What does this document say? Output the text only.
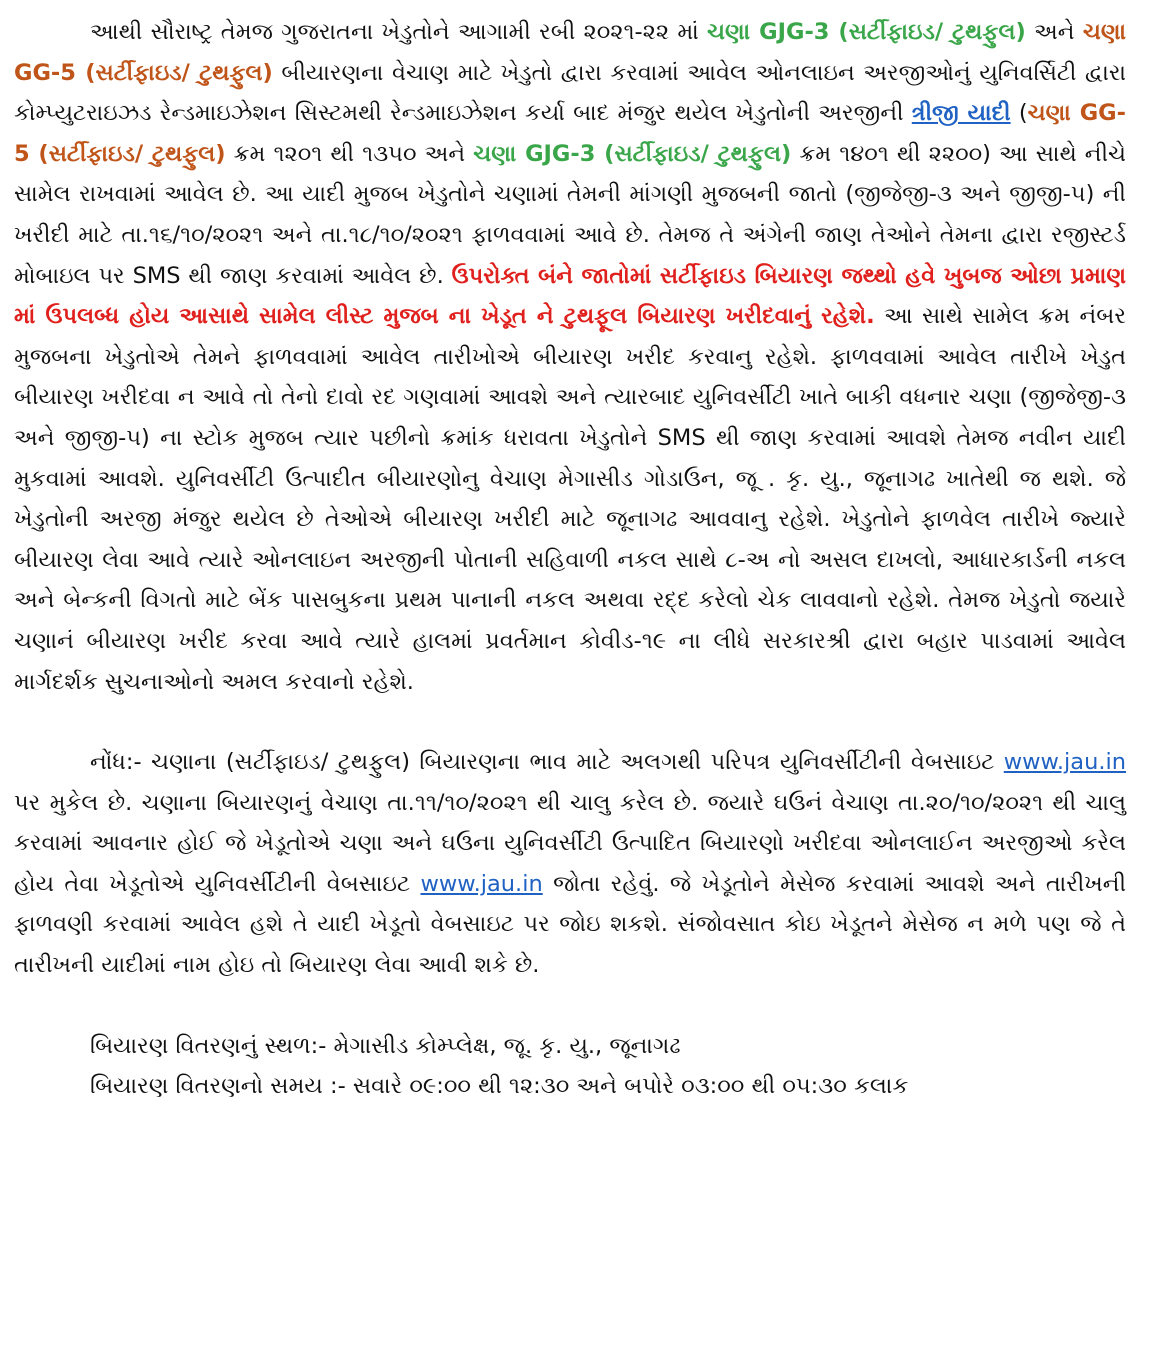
આથી સૌરાષ્ટ્ર તેમજ ગુજરાતના ખેડુતોને આગામી રબી ૨૦૨૧-૨૨ માં ચણા GJG-3 (સર્ટીફાઇડ/ ટુથફુલ) અને ચણા GG-5 (સર્ટીફાઇડ/ ટુથફુલ) બીયારણના વેચાણ માટે ખેડુતો દ્વારા કરવામાં આવેલ ઓનલાઇન અરજીઓનું યુનિવર્સિટી દ્વારા કોમ્પ્યુટરાઇઝડ રેન્ડમાઇઝેશન સિસ્ટમથી રેન્ડમાઇઝેશન કર્યા બાદ મંજુર થયેલ ખેડુતોની અરજીની ત્રીજી યાદી (ચણા GG-5 (સર્ટીફાઇડ/ ટુથફુલ) ક્રમ ૧૨૦૧ થી ૧૩૫૦ અને ચણા GJG-3 (સર્ટીફાઇડ/ ટુથફુલ) ક્રમ ૧૪૦૧ થી ૨૨૦૦) આ સાથે નીચે સામેલ રાખવામાં આવેલ છે. આ યાદી મુજબ ખેડુતોને ચણામાં તેમની માંગણી મુજબની જાતો (જીજેજી-૩ અને જીજી-૫) ની ખરીદી માટે તા.૧૬/૧૦/૨૦૨૧ અને તા.૧૮/૧૦/૨૦૨૧ ફાળવવામાં આવે છે. તેમજ તે અંગેની જાણ તેઓને તેમના દ્વારા રજીસ્ટર્ડ મોબાઇલ પર SMS થી જાણ કરવામાં આવેલ છે. ઉપરોક્ત બંને જાતોમાં સર્ટીફાઇડ બિયારણ જથ્થો હવે ખુબજ ઓછા પ્રમાણ માં ઉપલબ્ધ હોય આસાથે સામેલ લીસ્ટ મુજબ ના ખેડૂત ને ટુથફૂલ બિયારણ ખરીદવાનું રહેશે. આ સાથે સામેલ ક્રમ નંબર મુજબના ખેડુતોએ તેમને ફાળવવામાં આવેલ તારીખોએ બીયારણ ખરીદ કરવાનુ રહેશે. ફાળવવામાં આવેલ તારીખે ખેડુત બીયારણ ખરીદવા ન આવે તો તેનો દાવો રદ ગણવામાં આવશે અને ત્યારબાદ યુનિવર્સીટી ખાતે બાકી વધનાર ચણા (જીજેજી-૩ અને જીજી-૫) ના સ્ટોક મુજબ ત્યાર પછીનો ક્રમાંક ધરાવતા ખેડુતોને SMS થી જાણ કરવામાં આવશે તેમજ નવીન યાદી મુકવામાં આવશે. યુનિવર્સીટી ઉત્પાદીત બીયારણોનુ વેચાણ મેગાસીડ ગોડાઉન, જૂ . કૃ. યુ., જૂનાગઢ ખાતેથી જ થશે. જે ખેડુતોની અરજી મંજુર થયેલ છે તેઓએ બીયારણ ખરીદી માટે જૂનાગઢ આવવાનુ રહેશે. ખેડુતોને ફાળવેલ તારીખે જ્યારે બીયારણ લેવા આવે ત્યારે ઓનલાઇન અરજીની પોતાની સહિવાળી નકલ સાથે ૮-અ નો અસલ દાખલો, આધારકાર્ડની નકલ અને બેન્કની વિગતો માટે બેંક પાસબુકના પ્રથમ પાનાની નકલ અથવા રદ્દ કરેલો ચેક લાવવાનો રહેશે. તેમજ ખેડુતો જયારે ચણાનં બીયારણ ખરીદ કરવા આવે ત્યારે હાલમાં પ્રવર્તમાન કોવીડ-૧૯ ના લીધે સરકારશ્રી દ્વારા બહાર પાડવામાં આવેલ માર્ગદર્શક સુચનાઓનો અમલ કરવાનો રહેશે.

નોંધ:- ચણાના (સર્ટીફાઇડ/ ટુથફુલ) બિયારણના ભાવ માટે અલગથી પરિપત્ર યુનિવર્સીટીની વેબસાઇટ www.jau.in પર મુકેલ છે. ચણાના બિયારણનું વેચાણ તા.૧૧/૧૦/૨૦૨૧ થી ચાલુ કરેલ છે. જયારે ઘઉનં વેચાણ તા.૨૦/૧૦/૨૦૨૧ થી ચાલુ કરવામાં આવનાર હોઈ જે ખેડૂતોએ ચણા અને ઘઉના યુનિવર્સીટી ઉત્પાદિત બિયારણો ખરીદવા ઓનલાઈન અરજીઓ કરેલ હોય તેવા ખેડૂતોએ યુનિવર્સીટીની વેબસાઇટ www.jau.in જોતા રહેવું. જે ખેડૂતોને મેસેજ કરવામાં આવશે અને તારીખની ફાળવણી કરવામાં આવેલ હશે તે યાદી ખેડૂતો વેબસાઇટ પર જોઇ શકશે. સંજોવસાત કોઇ ખેડૂતને મેસેજ ન મળે પણ જે તે તારીખની યાદીમાં નામ હોઇ તો બિયારણ લેવા આવી શકે છે.

બિયારણ વિતરણનું સ્થળ:- મેગાસીડ કોમ્પ્લેક્ષ, જૂ. કૃ. યુ., જૂનાગઢ

બિયારણ વિતરણનો સમય :- સવારે ૦૯:૦૦ થી ૧૨:૩૦ અને બપોરે ૦૩:૦૦ થી ૦૫:૩૦ કલાક
